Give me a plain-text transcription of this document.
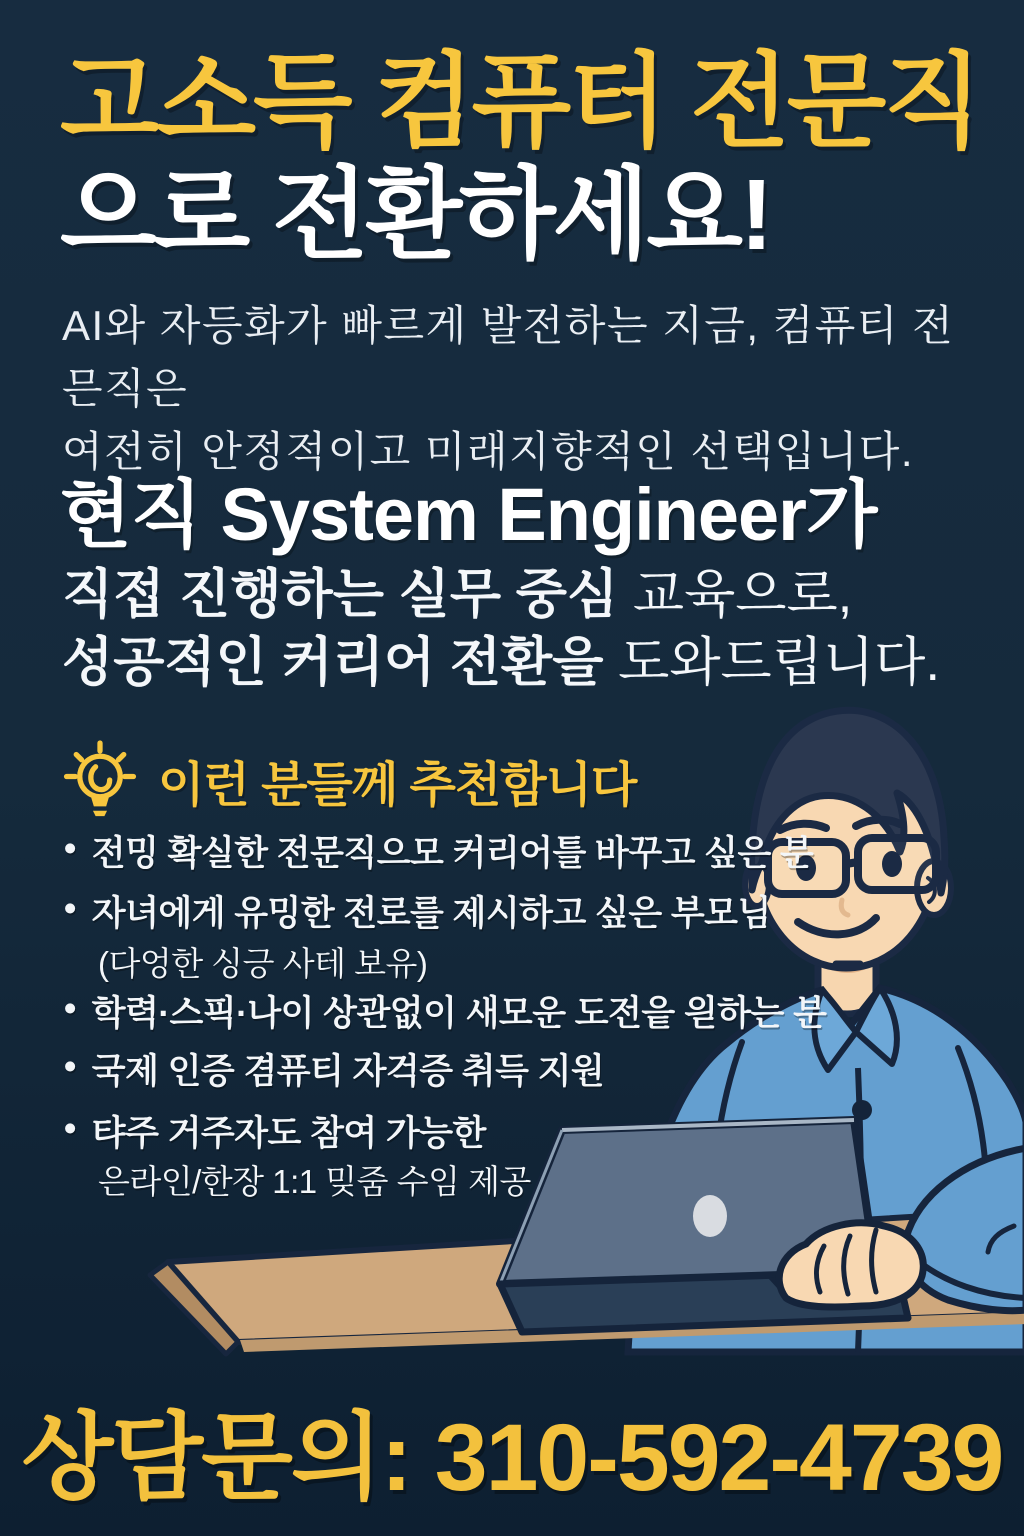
고소득 컴퓨터 전문직
으로 전환하세요!
AI와 자등화가 빠르게 발전하는 지금, 컴퓨티 전믄직은
여전히 안정적이고 미래지향적인 선택입니다.
현직 System Engineer가
직접 진행하는 실무 중심 교육으로,
성공적인 커리어 전환을 도와드립니다.
이런 분들께 추천함니다
• 전밍 확실한 전문직으모 커리어틀 바꾸고 싶은 분
• 자녀에게 유밍한 전로를 제시하고 싶은 부모님
(다엉한 싱긍 사테 보유)
• 학력·스픽·나이 상관없이 새모운 도전읕 읟하는 분
• 국제 인증 겸퓨티 자걱증 취득 지원
• 탸주 거주자도 참여 가능한
은라인/한장 1:1 밎줌 수임 제공
상담문의: 310-592-4739
